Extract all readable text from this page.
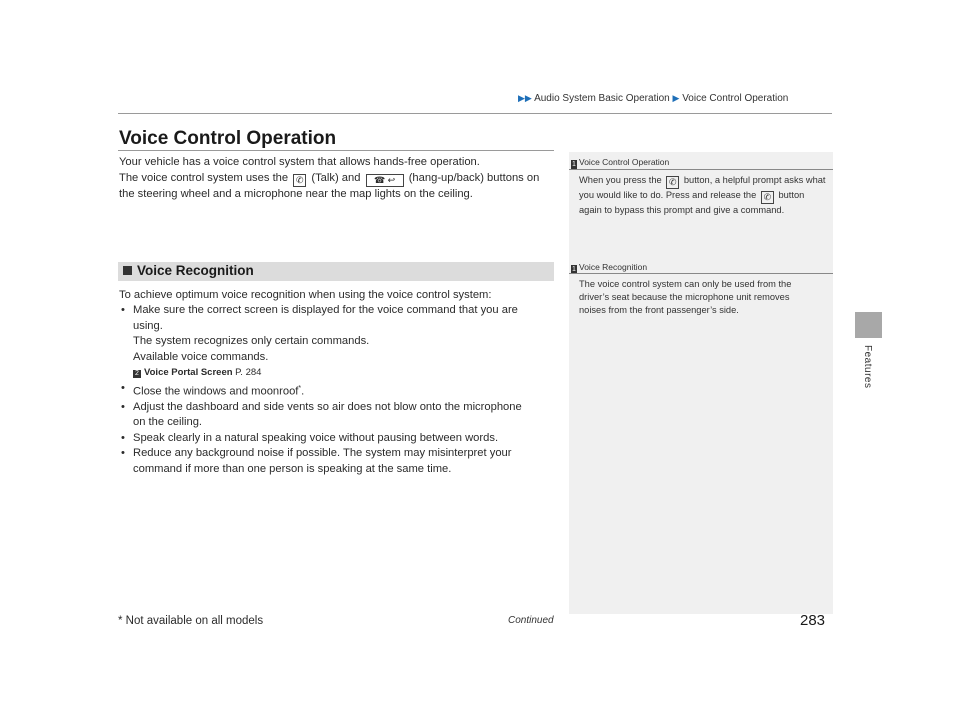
▶▶ Audio System Basic Operation ▶ Voice Control Operation
Features
Voice Control Operation
Your vehicle has a voice control system that allows hands-free operation.
The voice control system uses the ✆ (Talk) and ☎ ↩ (hang-up/back) buttons on
the steering wheel and a microphone near the map lights on the ceiling.
Voice Recognition
To achieve optimum voice recognition when using the voice control system:
• Make sure the correct screen is displayed for the voice command that you are
using.
The system recognizes only certain commands.
Available voice commands.
2 Voice Portal Screen P. 284
• Close the windows and moonroof*.
• Adjust the dashboard and side vents so air does not blow onto the microphone
on the ceiling.
• Speak clearly in a natural speaking voice without pausing between words.
• Reduce any background noise if possible. The system may misinterpret your
command if more than one person is speaking at the same time.
1 Voice Control Operation
When you press the ✆ button, a helpful prompt asks what you would like to do. Press and release the ✆ button again to bypass this prompt and give a command.
1 Voice Recognition
The voice control system can only be used from the
driver’s seat because the microphone unit removes
noises from the front passenger’s side.
* Not available on all models	Continued	283
